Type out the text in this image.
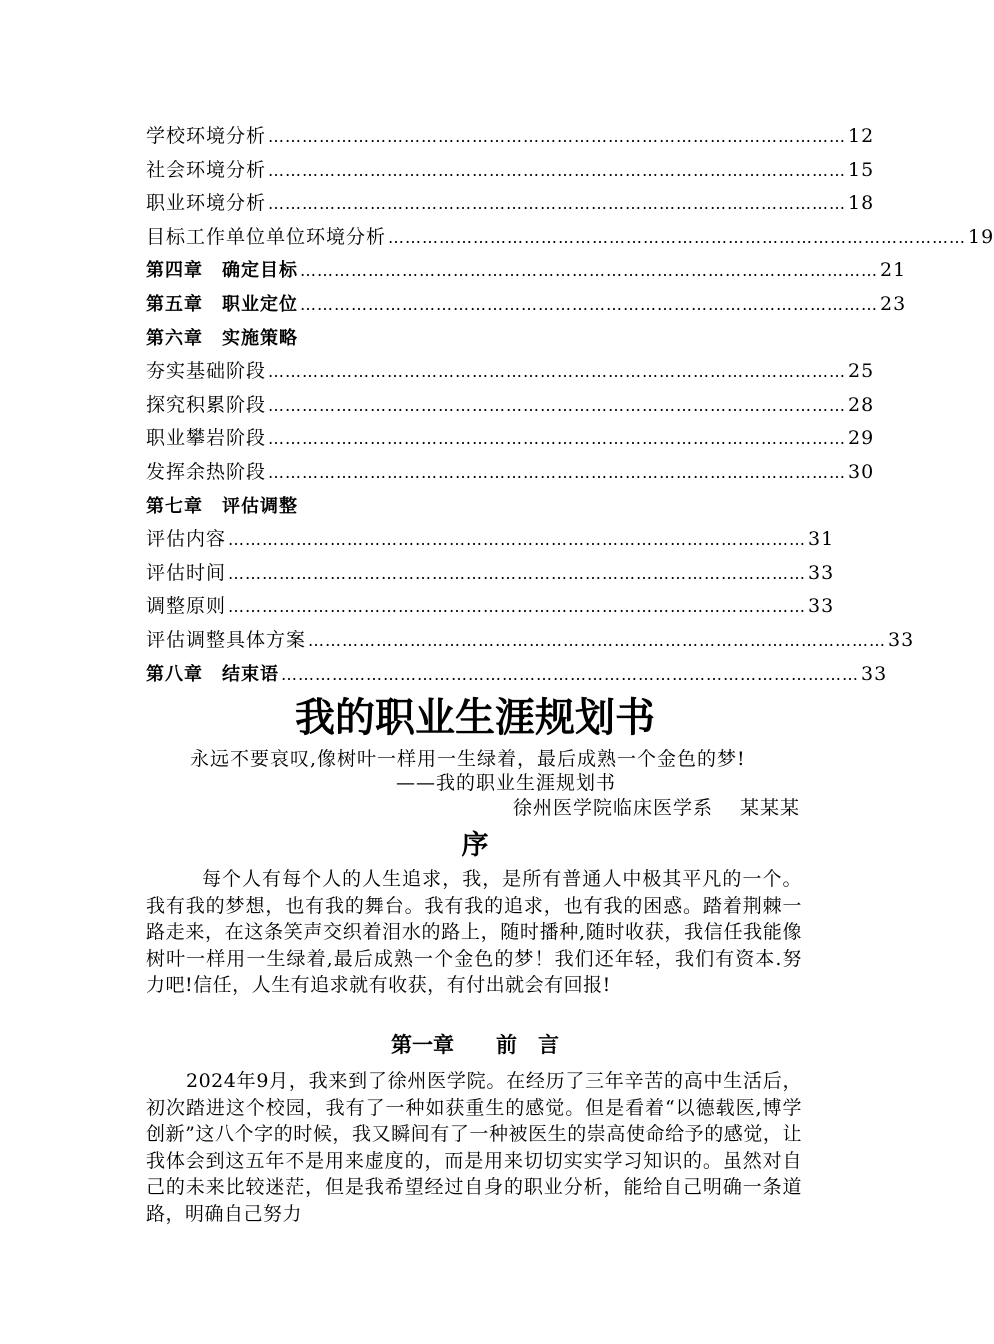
学校环境分析 ………………………………………………………………………………………… 12
社会环境分析 ………………………………………………………………………………………… 15
职业环境分析 ………………………………………………………………………………………… 18
目标工作单位单位环境分析 ………………………………………………………………………………………… 19
第四章　确定目标 ………………………………………………………………………………………… 21
第五章　职业定位 ………………………………………………………………………………………… 23
第六章　实施策略
夯实基础阶段 ………………………………………………………………………………………… 25
探究积累阶段 ………………………………………………………………………………………… 28
职业攀岩阶段 ………………………………………………………………………………………… 29
发挥余热阶段 ………………………………………………………………………………………… 30
第七章　评估调整
评估内容 ………………………………………………………………………………………… 31
评估时间 ………………………………………………………………………………………… 33
调整原则 ………………………………………………………………………………………… 33
评估调整具体方案 ………………………………………………………………………………………… 33
第八章　结束语 ………………………………………………………………………………………… 33
我的职业生涯规划书
永远不要哀叹,像树叶一样用一生绿着，最后成熟一个金色的梦!
——我的职业生涯规划书
徐州医学院临床医学系　 某某某
序

每个人有每个人的人生追求，我，是所有普通人中极其平凡的一个。我有我的梦想，也有我的舞台。我有我的追求，也有我的困惑。踏着荆棘一路走来，在这条笑声交织着泪水的路上，随时播种,随时收获，我信任我能像树叶一样用一生绿着,最后成熟一个金色的梦！我们还年轻，我们有资本.努力吧!信任，人生有追求就有收获，有付出就会有回报!

第一章　　前　言

2024年9月，我来到了徐州医学院。在经历了三年辛苦的高中生活后，初次踏进这个校园，我有了一种如获重生的感觉。但是看着“以德载医,博学创新”这八个字的时候，我又瞬间有了一种被医生的崇高使命给予的感觉，让我体会到这五年不是用来虚度的，而是用来切切实实学习知识的。虽然对自己的未来比较迷茫，但是我希望经过自身的职业分析，能给自己明确一条道路，明确自己努力
